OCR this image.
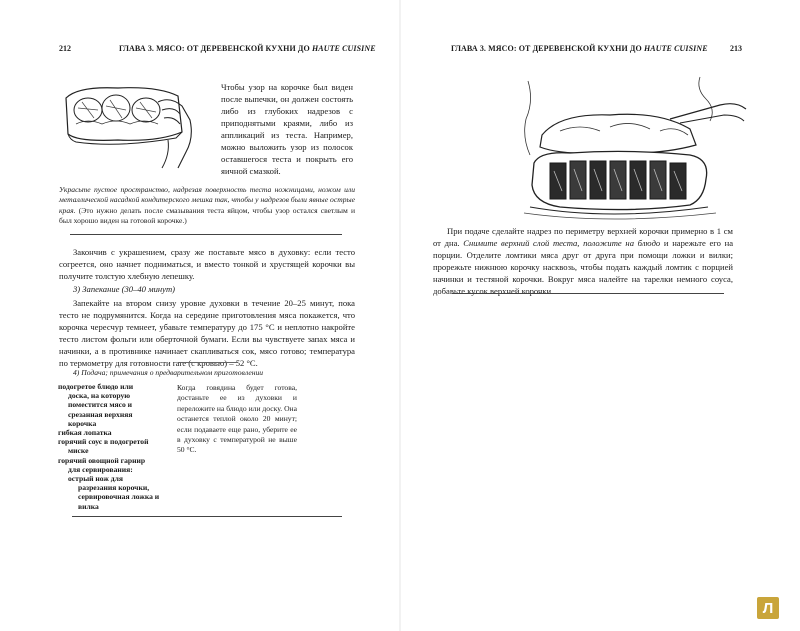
212	ГЛАВА 3. МЯСО: ОТ ДЕРЕВЕНСКОЙ КУХНИ ДО HAUTE CUISINE
Чтобы узор на корочке был виден после выпечки, он должен состоять либо из глубоких надрезов с приподнятыми краями, либо из аппликаций из теста. Например, можно выложить узор из полосок оставшегося теста и покрыть его яичной смазкой.
Украсьте пустое пространство, надрезая поверхность теста ножницами, ножом или металлической насадкой кондитерского мешка так, чтобы у надрезов были явные острые края. (Это нужно делать после смазывания теста яйцом, чтобы узор остался светлым и был хорошо виден на готовой корочке.)
Закончив с украшением, сразу же поставьте мясо в духовку: если тесто согреется, оно начнет подниматься, и вместо тонкой и хрустящей корочки вы получите толстую хлебную лепешку.
3) Запекание (30–40 минут)
Запекайте на втором снизу уровне духовки в течение 20–25 минут, пока тесто не подрумянится. Когда на середине приготовления мяса покажется, что корочка чересчур темнеет, убавьте температуру до 175 °С и неплотно накройте тесто листом фольги или оберточной бумаги. Если вы чувствуете запах мяса и начинки, а в противнике начинает скапливаться сок, мясо готово; температура по термометру для готовности rare (с кровью) – 52 °С.
4) Подача; примечания о предварительном приготовлении
подогретое блюдо или
доска, на которую
поместится мясо и
срезанная верхняя
корочка
гибкая лопатка
горячий соус в подогретой
миске
горячий овощной гарнир
для сервирования:
острый нож для
разрезания корочки,
сервировочная ложка и
вилка
Когда говядина будет готова, достаньте ее из духовки и переложите на блюдо или доску. Она останется теплой около 20 минут; если подаваете еще рано, уберите ее в духовку с температурой не выше 50 °С.
ГЛАВА 3. МЯСО: ОТ ДЕРЕВЕНСКОЙ КУХНИ ДО HAUTE CUISINE	213
При подаче сделайте надрез по периметру верхней корочки примерно в 1 см от дна. Снимите верхний слой теста, положите на блюдо и нарежьте его на порции. Отделите ломтики мяса друг от друга при помощи ложки и вилки; прорежьте нижнюю корочку насквозь, чтобы подать каждый ломтик с порцией начинки и тестяной корочки. Вокруг мяса налейте на тарелки немного соуса, добавьте кусок верхней корочки.
Л
